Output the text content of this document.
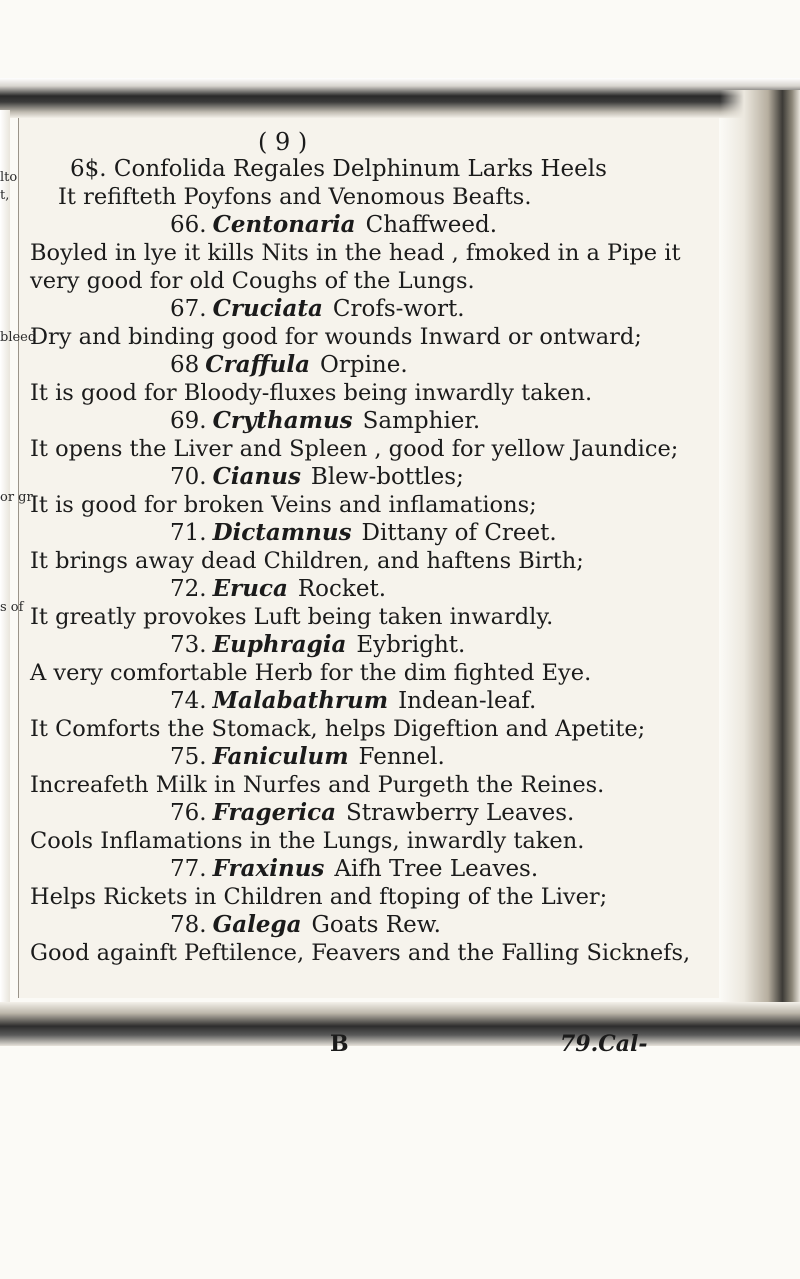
lto
t,
bleed
or gr
s of
( 9 )
6$. Confolida Regales Delphinum Larks Heels
It refifteth Poyfons and Venomous Beafts.
66. Centonaria Chaffweed.
Boyled in lye it kills Nits in the head , fmoked in a Pipe it
very good for old Coughs of the Lungs.
67. Cruciata Crofs-wort.
Dry and binding good for wounds Inward or ontward;
68 Craffula Orpine.
It is good for Bloody-fluxes being inwardly taken.
69. Crythamus Samphier.
It opens the Liver and Spleen , good for yellow Jaundice;
70. Cianus Blew-bottles;
It is good for broken Veins and inflamations;
71. Dictamnus Dittany of Creet.
It brings away dead Children, and haftens Birth;
72. Eruca Rocket.
It greatly provokes Luft being taken inwardly.
73. Euphragia Eybright.
A very comfortable Herb for the dim fighted Eye.
74. Malabathrum Indean-leaf.
It Comforts the Stomack, helps Digeftion and Apetite;
75. Faniculum Fennel.
Increafeth Milk in Nurfes and Purgeth the Reines.
76. Fragerica Strawberry Leaves.
Cools Inflamations in the Lungs, inwardly taken.
77. Fraxinus Aifh Tree Leaves.
Helps Rickets in Children and ftoping of the Liver;
78. Galega Goats Rew.
Good againft Peftilence, Feavers and the Falling Sicknefs,
B	79.Cal-
